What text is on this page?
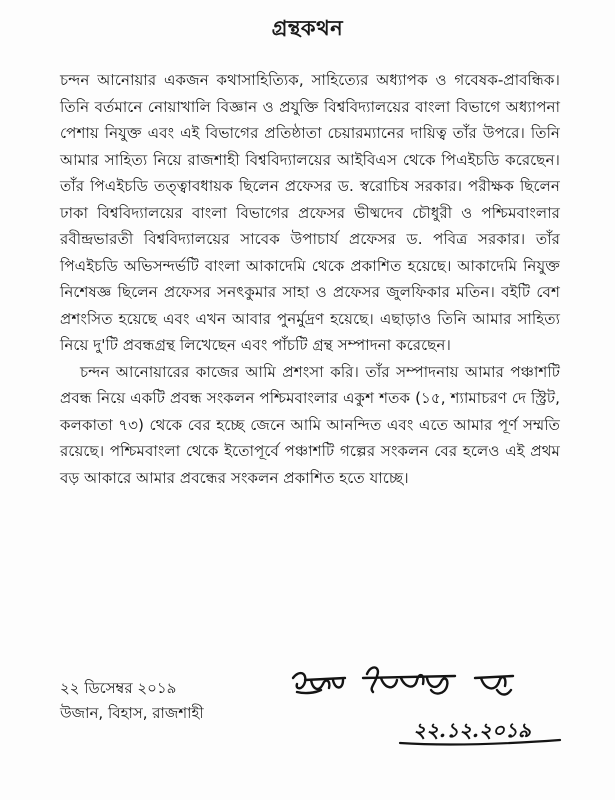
গ্রন্থকথন

চন্দন আনোয়ার একজন কথাসাহিত্যিক, সাহিত্যের অধ্যাপক ও গবেষক-প্রাবন্ধিক। তিনি বর্তমানে নোয়াখালি বিজ্ঞান ও প্রযুক্তি বিশ্ববিদ্যালয়ের বাংলা বিভাগে অধ্যাপনা পেশায় নিযুক্ত এবং এই বিভাগের প্রতিষ্ঠাতা চেয়ারম্যানের দায়িত্ব তাঁর উপরে। তিনি আমার সাহিত্য নিয়ে রাজশাহী বিশ্ববিদ্যালয়ের আইবিএস থেকে পিএইচডি করেছেন। তাঁর পিএইচডি তত্ত্বাবধায়ক ছিলেন প্রফেসর ড. স্বরোচিষ সরকার। পরীক্ষক ছিলেন ঢাকা বিশ্ববিদ্যালয়ের বাংলা বিভাগের প্রফেসর ভীষ্মদেব চৌধুরী ও পশ্চিমবাংলার রবীন্দ্রভারতী বিশ্ববিদ্যালয়ের সাবেক উপাচার্য প্রফেসর ড. পবিত্র সরকার। তাঁর পিএইচডি অভিসন্দর্ভটি বাংলা আকাদেমি থেকে প্রকাশিত হয়েছে। আকাদেমি নিযুক্ত নিশেষজ্ঞ ছিলেন প্রফেসর সনৎকুমার সাহা ও প্রফেসর জুলফিকার মতিন। বইটি বেশ প্রশংসিত হয়েছে এবং এখন আবার পুনর্মুদ্রণ হয়েছে। এছাড়াও তিনি আমার সাহিত্য নিয়ে দু'টি প্রবন্ধগ্রন্থ লিখেছেন এবং পাঁচটি গ্রন্থ সম্পাদনা করেছেন।

চন্দন আনোয়ারের কাজের আমি প্রশংসা করি। তাঁর সম্পাদনায় আমার পঞ্চাশটি প্রবন্ধ নিয়ে একটি প্রবন্ধ সংকলন পশ্চিমবাংলার একুশ শতক (১৫, শ্যামাচরণ দে স্ট্রিট, কলকাতা ৭৩) থেকে বের হচ্ছে জেনে আমি আনন্দিত এবং এতে আমার পূর্ণ সম্মতি রয়েছে। পশ্চিমবাংলা থেকে ইতোপূর্বে পঞ্চাশটি গল্পের সংকলন বের হলেও এই প্রথম বড় আকারে আমার প্রবন্ধের সংকলন প্রকাশিত হতে যাচ্ছে।

২২ ডিসেম্বর ২০১৯
উজান, বিহাস, রাজশাহী
২২.১২.২০১৯
